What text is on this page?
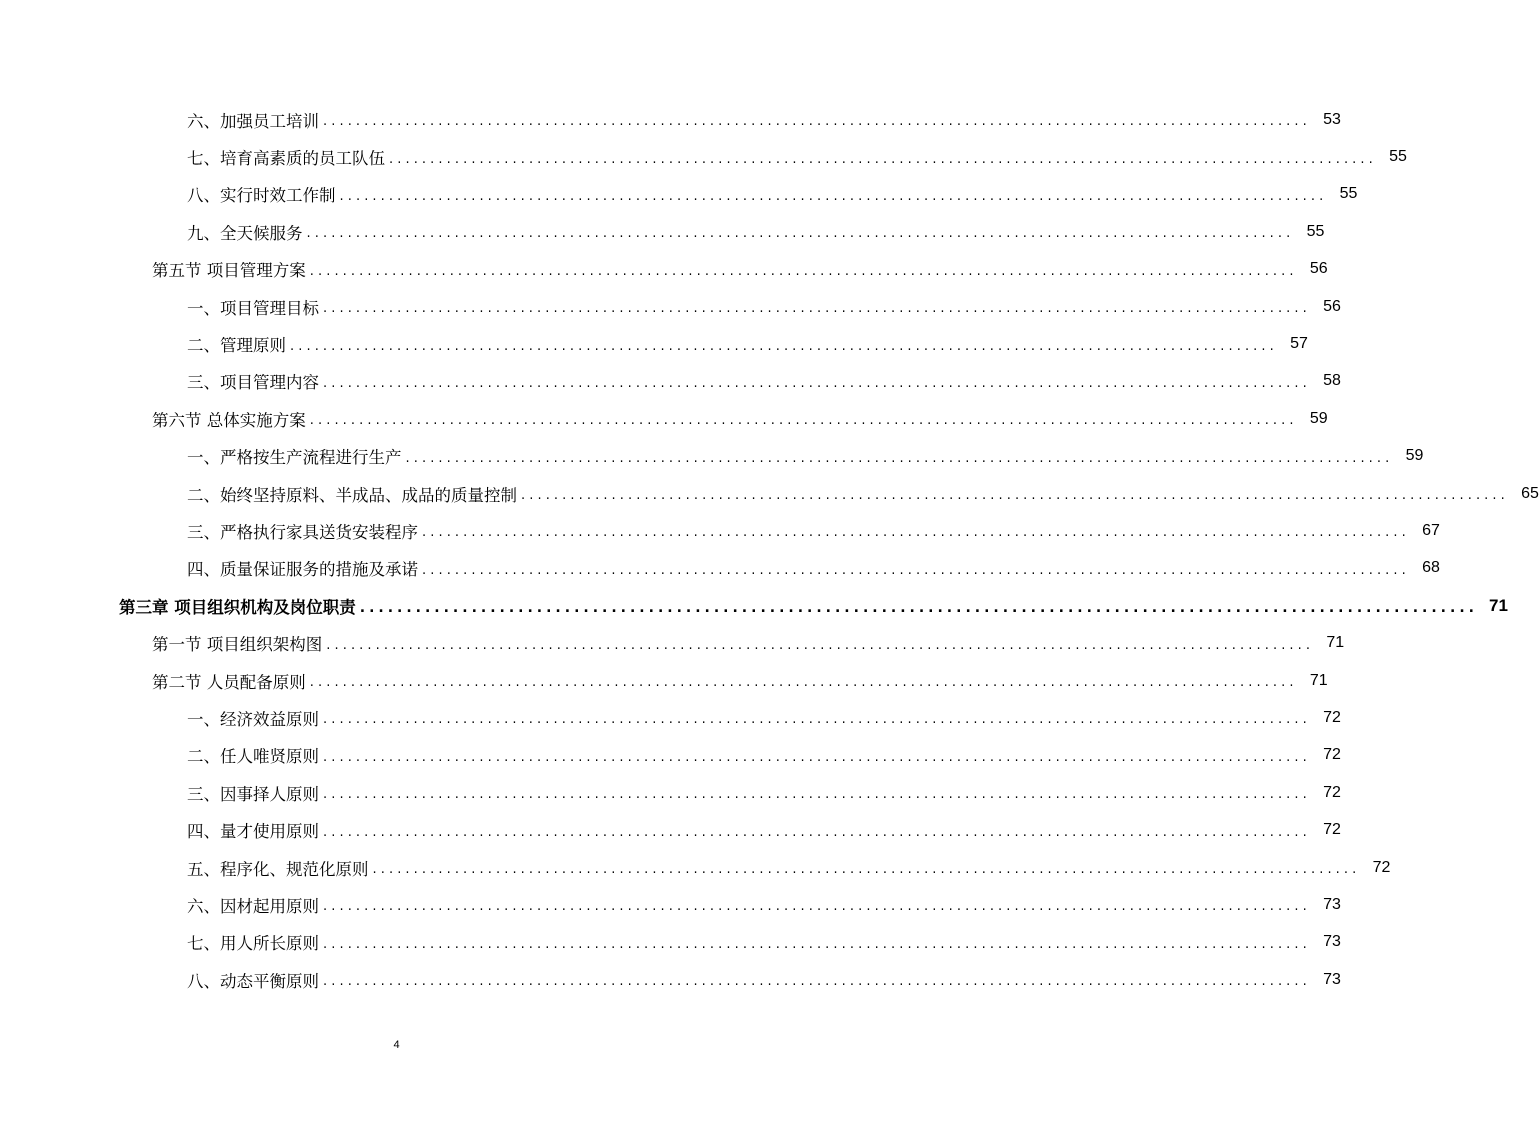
六、加强员工培训 ........................................................................................................................ 53
七、培育高素质的员工队伍 ........................................................................................................................ 55
八、实行时效工作制 ........................................................................................................................ 55
九、全天候服务 ........................................................................................................................ 55
第五节 项目管理方案 ........................................................................................................................ 56
一、项目管理目标 ........................................................................................................................ 56
二、管理原则 ........................................................................................................................ 57
三、项目管理内容 ........................................................................................................................ 58
第六节 总体实施方案 ........................................................................................................................ 59
一、严格按生产流程进行生产 ........................................................................................................................ 59
二、始终坚持原料、半成品、成品的质量控制 ........................................................................................................................ 65
三、严格执行家具送货安装程序 ........................................................................................................................ 67
四、质量保证服务的措施及承诺 ........................................................................................................................ 68
第三章 项目组织机构及岗位职责 ........................................................................................................................ 71
第一节 项目组织架构图 ........................................................................................................................ 71
第二节 人员配备原则 ........................................................................................................................ 71
一、经济效益原则 ........................................................................................................................ 72
二、任人唯贤原则 ........................................................................................................................ 72
三、因事择人原则 ........................................................................................................................ 72
四、量才使用原则 ........................................................................................................................ 72
五、程序化、规范化原则 ........................................................................................................................ 72
六、因材起用原则 ........................................................................................................................ 73
七、用人所长原则 ........................................................................................................................ 73
八、动态平衡原则 ........................................................................................................................ 73
4
